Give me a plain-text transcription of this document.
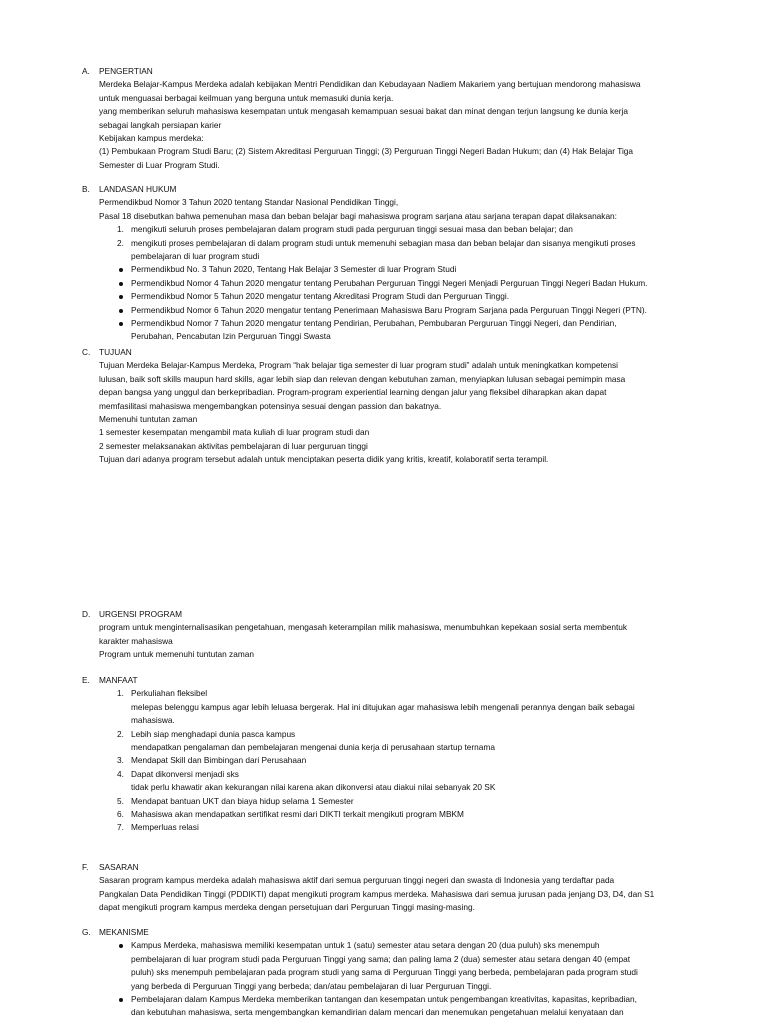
A. PENGERTIAN

Merdeka Belajar-Kampus Merdeka adalah kebijakan Mentri Pendidikan dan Kebudayaan Nadiem Makariem yang bertujuan mendorong mahasiswa

untuk menguasai berbagai keilmuan yang berguna untuk memasuki dunia kerja.

yang memberikan seluruh mahasiswa kesempatan untuk mengasah kemampuan sesuai bakat dan minat dengan terjun langsung ke dunia kerja

sebagai langkah persiapan karier

Kebijakan kampus merdeka:

(1) Pembukaan Program Studi Baru; (2) Sistem Akreditasi Perguruan Tinggi; (3) Perguruan Tinggi Negeri Badan Hukum; dan (4) Hak Belajar Tiga

Semester di Luar Program Studi.

B. LANDASAN HUKUM

Permendikbud Nomor 3 Tahun 2020 tentang Standar Nasional Pendidikan Tinggi,

Pasal 18 disebutkan bahwa pemenuhan masa dan beban belajar bagi mahasiswa program sarjana atau sarjana terapan dapat dilaksanakan:

1. mengikuti seluruh proses pembelajaran dalam program studi pada perguruan tinggi sesuai masa dan beban belajar; dan

2. mengikuti proses pembelajaran di dalam program studi untuk memenuhi sebagian masa dan beban belajar dan sisanya mengikuti proses

pembelajaran di luar program studi

Permendikbud No. 3 Tahun 2020, Tentang Hak Belajar 3 Semester di luar Program Studi

Permendikbud Nomor 4 Tahun 2020 mengatur tentang Perubahan Perguruan Tinggi Negeri Menjadi Perguruan Tinggi Negeri Badan Hukum.

Permendikbud Nomor 5 Tahun 2020 mengatur tentang Akreditasi Program Studi dan Perguruan Tinggi.

Permendikbud Nomor 6 Tahun 2020 mengatur tentang Penerimaan Mahasiswa Baru Program Sarjana pada Perguruan Tinggi Negeri (PTN).

Permendikbud Nomor 7 Tahun 2020 mengatur tentang Pendirian, Perubahan, Pembubaran Perguruan Tinggi Negeri, dan Pendirian,

Perubahan, Pencabutan Izin Perguruan Tinggi Swasta

C. TUJUAN

Tujuan Merdeka Belajar-Kampus Merdeka, Program “hak belajar tiga semester di luar program studi” adalah untuk meningkatkan kompetensi

lulusan, baik soft skills maupun hard skills, agar lebih siap dan relevan dengan kebutuhan zaman, menyiapkan lulusan sebagai pemimpin masa

depan bangsa yang unggul dan berkepribadian. Program-program experiential learning dengan jalur yang fleksibel diharapkan akan dapat

memfasilitasi mahasiswa mengembangkan potensinya sesuai dengan passion dan bakatnya.

Memenuhi tuntutan zaman

1 semester kesempatan mengambil mata kuliah di luar program studi dan

2 semester melaksanakan aktivitas pembelajaran di luar perguruan tinggi

Tujuan dari adanya program tersebut adalah untuk menciptakan peserta didik yang kritis, kreatif, kolaboratif serta terampil.

D. URGENSI PROGRAM

program untuk menginternalisasikan pengetahuan, mengasah keterampilan milik mahasiswa, menumbuhkan kepekaan sosial serta membentuk

karakter mahasiswa

Program untuk memenuhi tuntutan zaman

E. MANFAAT
1. Perkuliahan fleksibel

melepas belenggu kampus agar lebih leluasa bergerak. Hal ini ditujukan agar mahasiswa lebih mengenali perannya dengan baik sebagai

mahasiswa.

2. Lebih siap menghadapi dunia pasca kampus

mendapatkan pengalaman dan pembelajaran mengenai dunia kerja di perusahaan startup ternama

3. Mendapat Skill dan Bimbingan dari Perusahaan

4. Dapat dikonversi menjadi sks

tidak perlu khawatir akan kekurangan nilai karena akan dikonversi atau diakui nilai sebanyak 20 SK

5. Mendapat bantuan UKT dan biaya hidup selama 1 Semester

6. Mahasiswa akan mendapatkan sertifikat resmi dari DIKTI terkait mengikuti program MBKM

7. Memperluas relasi

F. SASARAN

Sasaran program kampus merdeka adalah mahasiswa aktif dari semua perguruan tinggi negeri dan swasta di Indonesia yang terdaftar pada

Pangkalan Data Pendidikan Tinggi (PDDIKTI) dapat mengikuti program kampus merdeka. Mahasiswa dari semua jurusan pada jenjang D3, D4, dan S1

dapat mengikuti program kampus merdeka dengan persetujuan dari Perguruan Tinggi masing-masing.

G. MEKANISME

Kampus Merdeka, mahasiswa memiliki kesempatan untuk 1 (satu) semester atau setara dengan 20 (dua puluh) sks menempuh

pembelajaran di luar program studi pada Perguruan Tinggi yang sama; dan paling lama 2 (dua) semester atau setara dengan 40 (empat

puluh) sks menempuh pembelajaran pada program studi yang sama di Perguruan Tinggi yang berbeda, pembelajaran pada program studi

yang berbeda di Perguruan Tinggi yang berbeda; dan/atau pembelajaran di luar Perguruan Tinggi.

Pembelajaran dalam Kampus Merdeka memberikan tantangan dan kesempatan untuk pengembangan kreativitas, kapasitas, kepribadian,

dan kebutuhan mahasiswa, serta mengembangkan kemandirian dalam mencari dan menemukan pengetahuan melalui kenyataan dan
